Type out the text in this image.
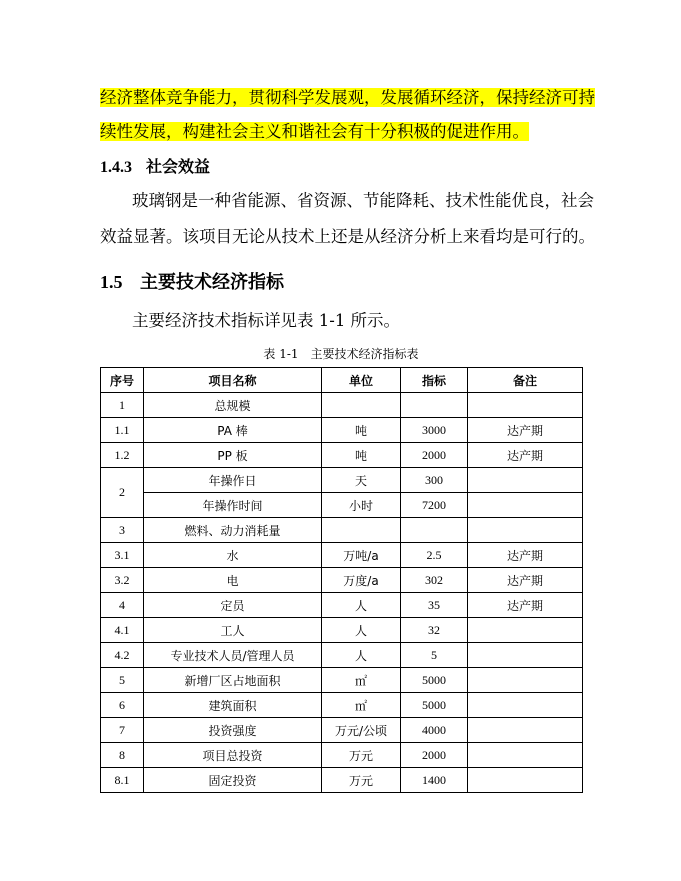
经济整体竞争能力，贯彻科学发展观，发展循环经济，保持经济可持
续性发展，构建社会主义和谐社会有十分积极的促进作用。
1.4.3 社会效益
玻璃钢是一种省能源、省资源、节能降耗、技术性能优良，社会
效益显著。该项目无论从技术上还是从经济分析上来看均是可行的。
1.5 主要技术经济指标
主要经济技术指标详见表 1-1 所示。
表 1-1　主要技术经济指标表
序号	项目名称	单位	指标	备注
1	总规模			
1.1	PA 棒	吨	3000	达产期
1.2	PP 板	吨	2000	达产期
2	年操作日	天	300	
	年操作时间	小时	7200	
3	燃料、动力消耗量			
3.1	水	万吨/a	2.5	达产期
3.2	电	万度/a	302	达产期
4	定员	人	35	达产期
4.1	工人	人	32	
4.2	专业技术人员/管理人员	人	5	
5	新增厂区占地面积	㎡	5000	
6	建筑面积	㎡	5000	
7	投资强度	万元/公顷	4000	
8	项目总投资	万元	2000	
8.1	固定投资	万元	1400	
